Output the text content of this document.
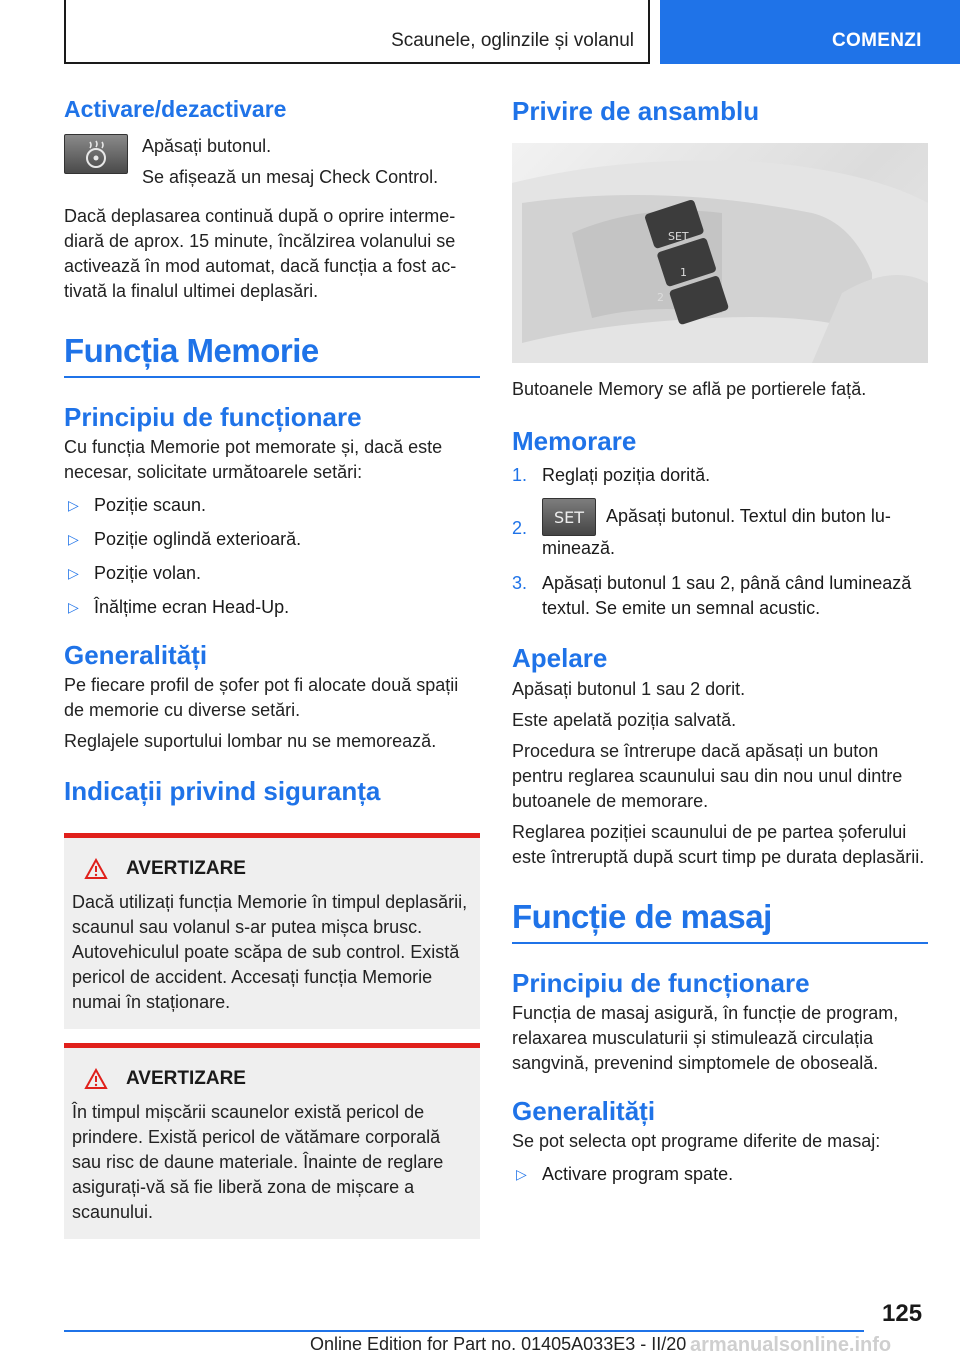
Scaunele, oglinzile și volanul	COMENZI
Activare/dezactivare
Apăsați butonul.
Se afișează un mesaj Check Control.
Dacă deplasarea continuă după o oprire intermediară de aprox. 15 minute, încălzirea volanului se activează în mod automat, dacă funcția a fost activată la finalul ultimei deplasări.
Funcția Memorie
Principiu de funcționare
Cu funcția Memorie pot memorate și, dacă este necesar, solicitate următoarele setări:
▷ Poziție scaun.
▷ Poziție oglindă exterioară.
▷ Poziție volan.
▷ Înălțime ecran Head-Up.
Generalități
Pe fiecare profil de șofer pot fi alocate două spații de memorie cu diverse setări.
Reglajele suportului lombar nu se memorează.
Indicații privind siguranța
AVERTIZARE
Dacă utilizați funcția Memorie în timpul deplasării, scaunul sau volanul s-ar putea mișca brusc. Autovehiculul poate scăpa de sub control. Există pericol de accident. Accesați funcția Memorie numai în staționare.
AVERTIZARE
În timpul mișcării scaunelor există pericol de prindere. Există pericol de vătămare corporală sau risc de daune materiale. Înainte de reglare asigurați-vă să fie liberă zona de mișcare a scaunului.
Privire de ansamblu
SET
1
2
Butoanele Memory se află pe portierele față.
Memorare
1. Reglați poziția dorită.
2.
SET Apăsați butonul. Textul din buton luminează.
3. Apăsați butonul 1 sau 2, până când luminează textul. Se emite un semnal acustic.
Apelare
Apăsați butonul 1 sau 2 dorit.
Este apelată poziția salvată.
Procedura se întrerupe dacă apăsați un buton pentru reglarea scaunului sau din nou unul dintre butoanele de memorare.
Reglarea poziției scaunului de pe partea șoferului este întreruptă după scurt timp pe durata deplasării.
Funcție de masaj
Principiu de funcționare
Funcția de masaj asigură, în funcție de program, relaxarea musculaturii și stimulează circulația sangvină, prevenind simptomele de oboseală.
Generalități
Se pot selecta opt programe diferite de masaj:
▷ Activare program spate.
125
Online Edition for Part no. 01405A033E3 - II/20 armanualsonline.info
